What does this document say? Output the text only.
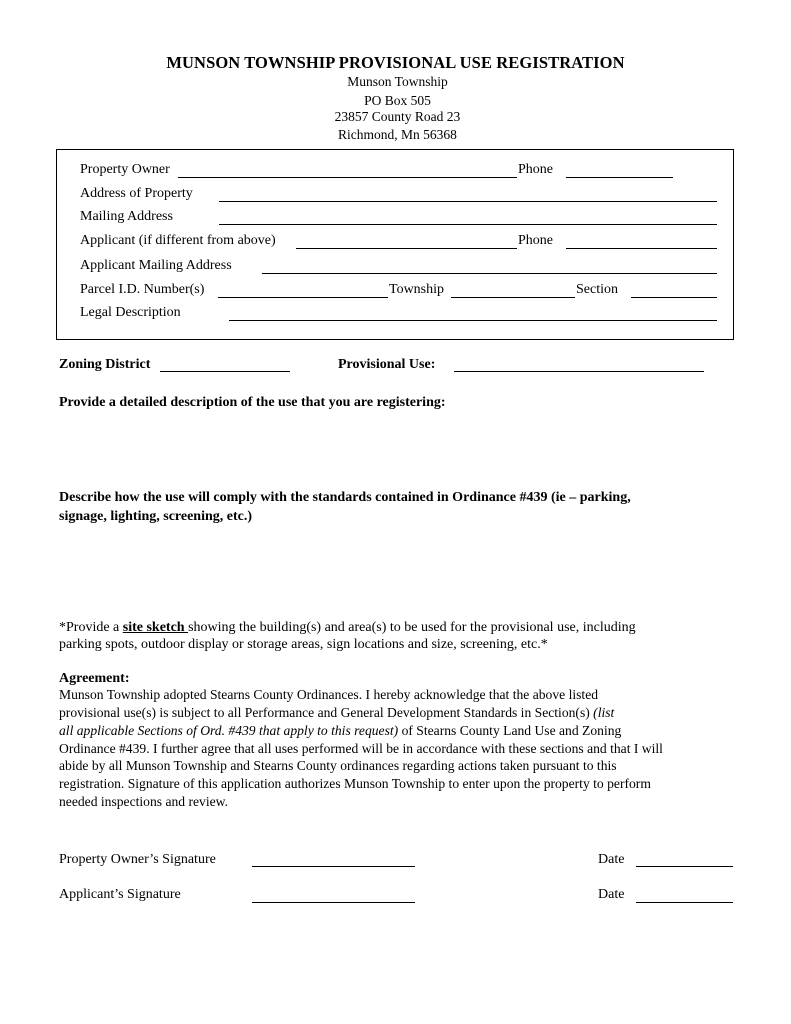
MUNSON TOWNSHIP PROVISIONAL USE REGISTRATION
Munson Township
PO Box 505
23857 County Road 23
Richmond, Mn 56368
Property Owner	Phone
Address of Property
Mailing Address
Applicant (if different from above)	Phone
Applicant Mailing Address
Parcel I.D. Number(s)	Township	Section
Legal Description
Zoning District	Provisional Use:
Provide a detailed description of the use that you are registering:
Describe how the use will comply with the standards contained in Ordinance #439 (ie – parking,
signage, lighting, screening, etc.)
*Provide a site sketch showing the building(s) and area(s) to be used for the provisional use, including
parking spots, outdoor display or storage areas, sign locations and size, screening, etc.*
Agreement:
Munson Township adopted Stearns County Ordinances. I hereby acknowledge that the above listed
provisional use(s) is subject to all Performance and General Development Standards in Section(s) (list
all applicable Sections of Ord. #439 that apply to this request) of Stearns County Land Use and Zoning
Ordinance #439. I further agree that all uses performed will be in accordance with these sections and that I will
abide by all Munson Township and Stearns County ordinances regarding actions taken pursuant to this
registration. Signature of this application authorizes Munson Township to enter upon the property to perform
needed inspections and review.
Property Owner’s Signature	Date
Applicant’s Signature	Date
